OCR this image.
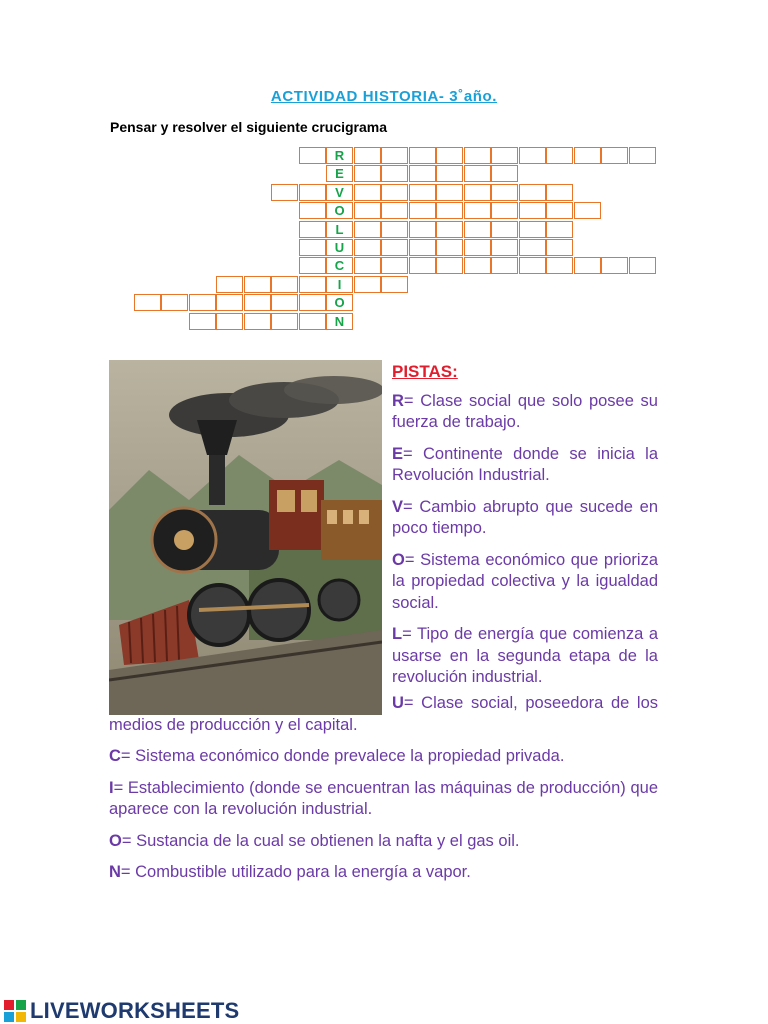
ACTIVIDAD HISTORIA- 3˚año.
Pensar y resolver el siguiente crucigrama
R
E
V
O
L
U
C
I
O
N

PISTAS:

R= Clase social que solo posee su fuerza de trabajo.

E= Continente donde se inicia la Revolución Industrial.

V= Cambio abrupto que sucede en poco tiempo.

O= Sistema económico que prioriza la propiedad colectiva y la igualdad social.

L= Tipo de energía que comienza a usarse en la segunda etapa de la revolución industrial.

U= Clase social, poseedora de los medios de producción y el capital.

C= Sistema económico donde prevalece la propiedad privada.

I= Establecimiento (donde se encuentran las máquinas de producción) que aparece con la revolución industrial.

O= Sustancia de la cual se obtienen la nafta y el gas oil.

N= Combustible utilizado para la energía a vapor.

LIVEWORKSHEETS
